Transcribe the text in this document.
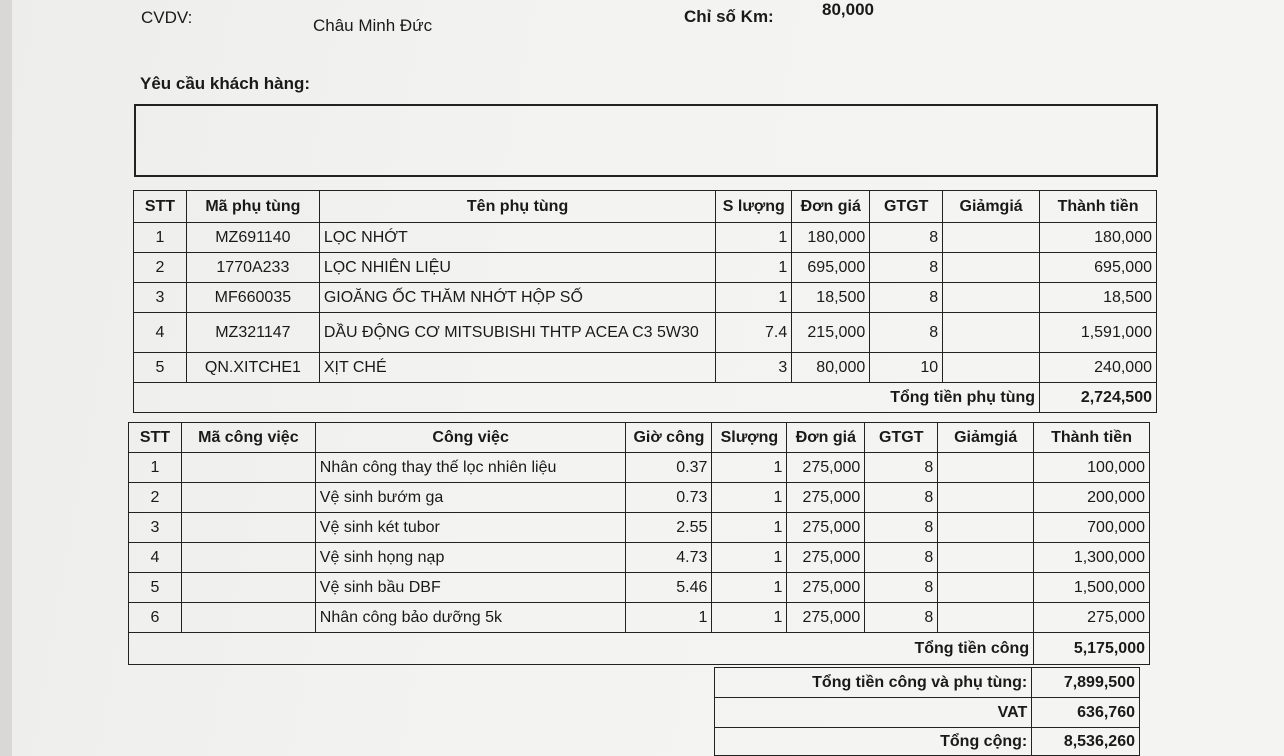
CVDV:	Châu Minh Đức	Chỉ số Km:	80,000
Yêu cầu khách hàng:
STT	Mã phụ tùng	Tên phụ tùng	S lượng	Đơn giá	GTGT	Giảmgiá	Thành tiền
1	MZ691140	LỌC NHỚT	1	180,000	8		180,000
2	1770A233	LỌC NHIÊN LIỆU	1	695,000	8		695,000
3	MF660035	GIOĂNG ỐC THĂM NHỚT HỘP SỐ	1	18,500	8		18,500
4	MZ321147	DẦU ĐỘNG CƠ MITSUBISHI THTP ACEA C3 5W30	7.4	215,000	8		1,591,000
5	QN.XITCHE1	XỊT CHÉ	3	80,000	10		240,000
Tổng tiền phụ tùng							2,724,500
STT	Mã công việc	Công việc	Giờ công	Slượng	Đơn giá	GTGT	Giảmgiá	Thành tiền
1		Nhân công thay thế lọc nhiên liệu	0.37	1	275,000	8		100,000
2		Vệ sinh bướm ga	0.73	1	275,000	8		200,000
3		Vệ sinh két tubor	2.55	1	275,000	8		700,000
4		Vệ sinh họng nạp	4.73	1	275,000	8		1,300,000
5		Vệ sinh bầu DBF	5.46	1	275,000	8		1,500,000
6		Nhân công bảo dưỡng 5k	1	1	275,000	8		275,000
Tổng tiền công								5,175,000
Tổng tiền công và phụ tùng:	7,899,500
VAT	636,760
Tổng cộng:	8,536,260
